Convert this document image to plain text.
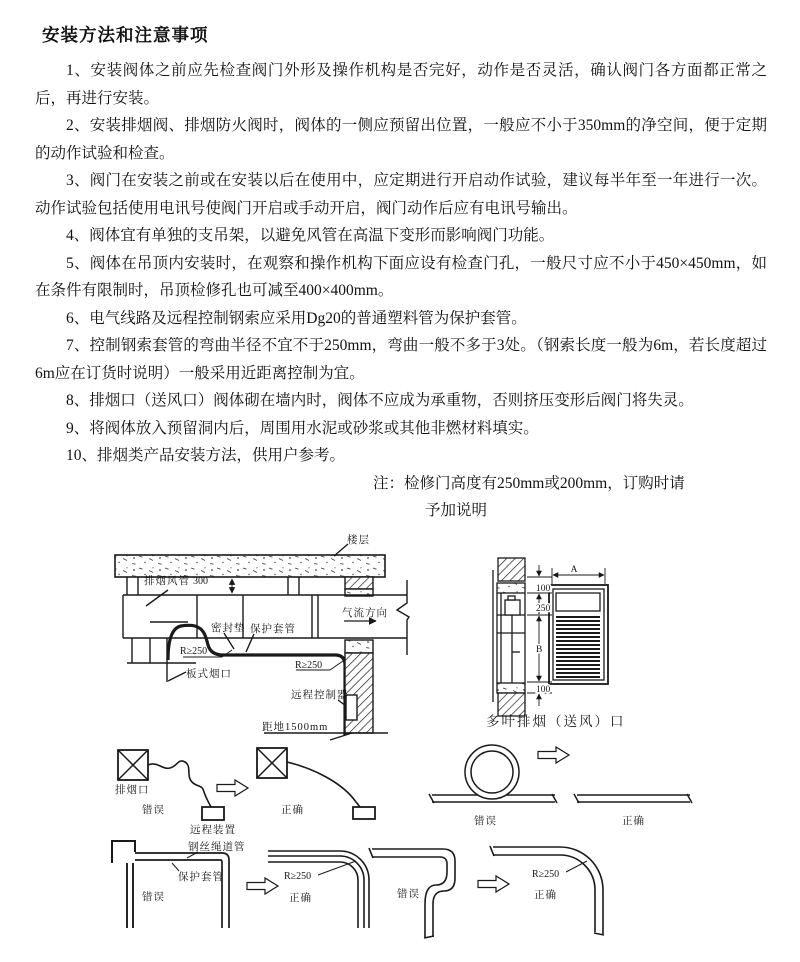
安装方法和注意事项

1、安装阀体之前应先检查阀门外形及操作机构是否完好，动作是否灵活，确认阀门各方面都正常之后，再进行安装。

2、安装排烟阀、排烟防火阀时，阀体的一侧应预留出位置，一般应不小于350mm的净空间，便于定期的动作试验和检查。

3、阀门在安装之前或在安装以后在使用中，应定期进行开启动作试验，建议每半年至一年进行一次。动作试验包括使用电讯号使阀门开启或手动开启，阀门动作后应有电讯号输出。

4、阀体宜有单独的支吊架，以避免风管在高温下变形而影响阀门功能。

5、阀体在吊顶内安装时，在观察和操作机构下面应设有检查门孔，一般尺寸应不小于450×450mm，如在条件有限制时，吊顶检修孔也可减至400×400mm。

6、电气线路及远程控制钢索应采用Dg20的普通塑料管为保护套管。

7、控制钢索套管的弯曲半径不宜不于250mm，弯曲一般不多于3处。（钢索长度一般为6m，若长度超过6m应在订货时说明）一般采用近距离控制为宜。

8、排烟口（送风口）阀体砌在墙内时，阀体不应成为承重物，否则挤压变形后阀门将失灵。

9、将阀体放入预留洞内后，周围用水泥或砂浆或其他非燃材料填实。

10、排烟类产品安装方法，供用户参考。

注：检修门高度有250mm或200mm，订购时请

予加说明

楼层
排烟风管 300
气流方向
密封垫 保护套管
R≥250
R≥250
板式烟口
远程控制器
距地1500mm
A
100
250
B
100
多叶排烟（送风）口
排烟口
错误	正确
远程装置
错误	正确
钢丝绳道管
保护套管
错误
R≥250
正确	错误
R≥250
正确
